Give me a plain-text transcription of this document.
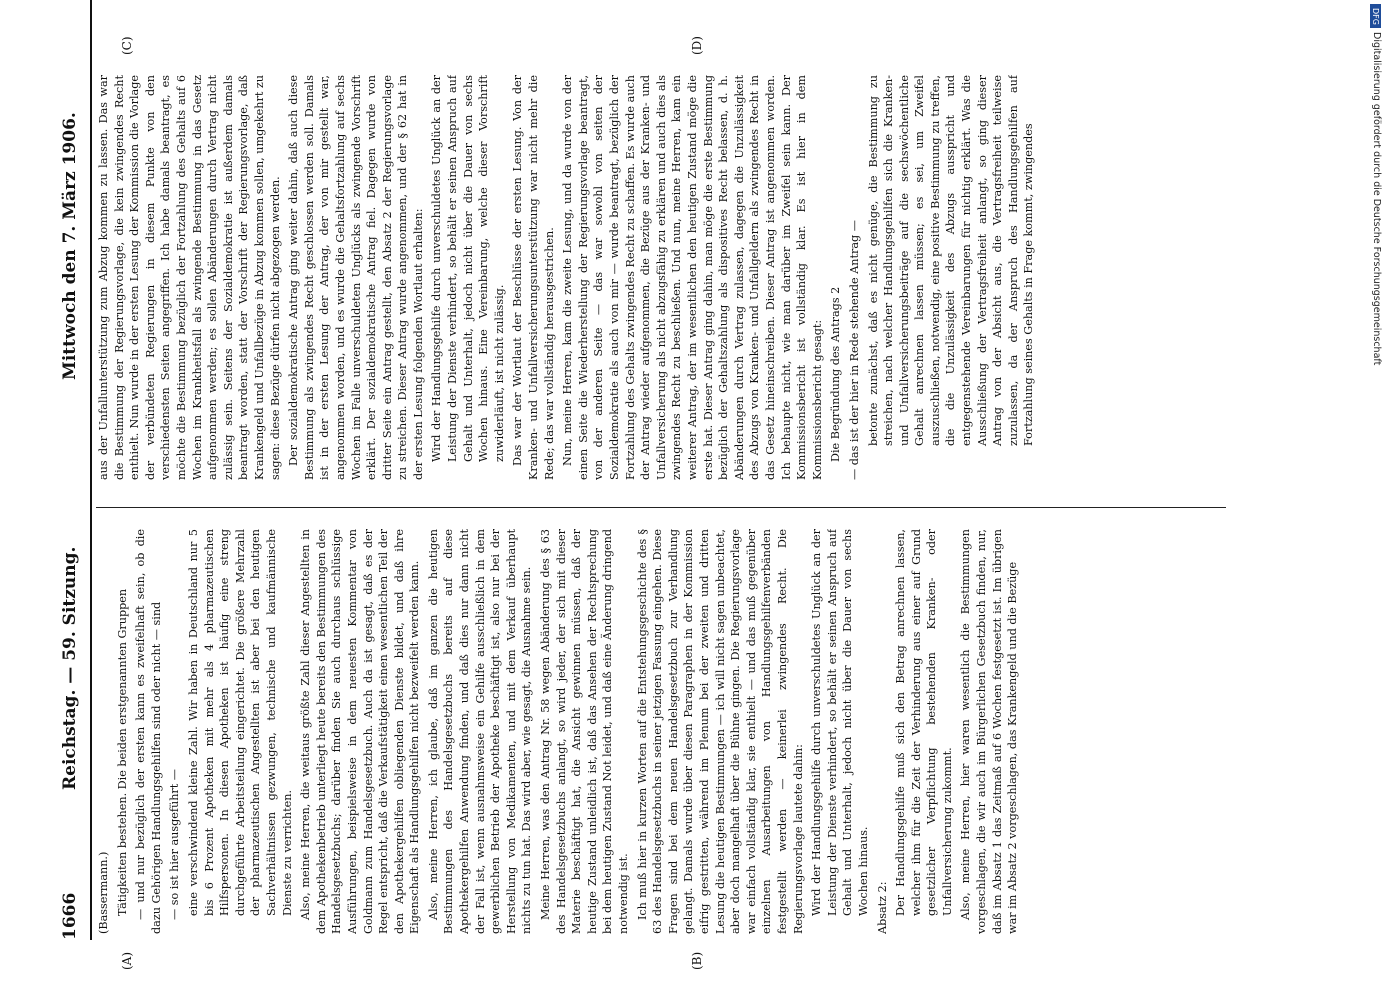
1666
Reichstag. — 59. Sitzung.
Mittwoch den 7. März 1906.
(A)	(B)
(C)	(D)

(Bassermann.) Tätigkeiten bestehen. Die beiden erstgenannten Gruppen — und nur bezüglich der ersten kann es zweifelhaft sein, ob die dazu Gehörigen Handlungsgehilfen sind oder nicht — sind — so ist hier ausgeführt — eine verschwindend kleine Zahl. Wir haben in Deutschland nur 5 bis 6 Prozent Apotheken mit mehr als 4 pharmazeutischen Hilfspersonen. In diesen Apotheken ist häufig eine streng durchgeführte Arbeitsteilung eingerichtet. Die größere Mehrzahl der pharmazeutischen Angestellten ist aber bei den heutigen Sachverhältnissen gezwungen, technische und kaufmännische Dienste zu verrichten. Also, meine Herren, die weitaus größte Zahl dieser Angestellten in dem Apothekenbetrieb unterliegt heute bereits den Bestimmungen des Handelsgesetzbuchs; darüber finden Sie auch durchaus schlüssige Ausführungen, beispielsweise in dem neuesten Kommentar von Goldmann zum Handelsgesetzbuch. Auch da ist gesagt, daß es der Regel entspricht, daß die Verkaufstätigkeit einen wesentlichen Teil der den Apothekergehilfen obliegenden Dienste bildet, und daß ihre Eigenschaft als Handlungsgehilfen nicht bezweifelt werden kann. Also, meine Herren, ich glaube, daß im ganzen die heutigen Bestimmungen des Handelsgesetzbuchs bereits auf diese Apothekergehilfen Anwendung finden, und daß dies nur dann nicht der Fall ist, wenn ausnahmsweise ein Gehilfe ausschließlich in dem gewerblichen Betrieb der Apotheke beschäftigt ist, also nur bei der Herstellung von Medikamenten, und mit dem Verkauf überhaupt nichts zu tun hat. Das wird aber, wie gesagt, die Ausnahme sein. Meine Herren, was den Antrag Nr. 58 wegen Abänderung des § 63 des Handelsgesetzbuchs anlangt, so wird jeder, der sich mit dieser Materie beschäftigt hat, die Ansicht gewinnen müssen, daß der heutige Zustand unleidlich ist, daß das Ansehen der Rechtsprechung bei dem heutigen Zustand Not leidet, und daß eine Änderung dringend notwendig ist. Ich muß hier in kurzen Worten auf die Entstehungsgeschichte des § 63 des Handelsgesetzbuchs in seiner jetzigen Fassung eingehen. Diese Fragen sind bei dem neuen Handelsgesetzbuch zur Verhandlung gelangt. Damals wurde über diesen Paragraphen in der Kommission eifrig gestritten, während im Plenum bei der zweiten und dritten Lesung die heutigen Bestimmungen — ich will nicht sagen unbeachtet, aber doch mangelhaft über die Bühne gingen. Die Regierungsvorlage war einfach vollständig klar, sie enthielt — und das muß gegenüber einzelnen Ausarbeitungen von Handlungsgehilfenverbänden festgestellt werden — keinerlei zwingendes Recht. Die Regierungsvorlage lautete dahin: Wird der Handlungsgehilfe durch unverschuldetes Unglück an der Leistung der Dienste verhindert, so behält er seinen Anspruch auf Gehalt und Unterhalt, jedoch nicht über die Dauer von sechs Wochen hinaus. Absatz 2: Der Handlungsgehilfe muß sich den Betrag anrechnen lassen, welcher ihm für die Zeit der Verhinderung aus einer auf Grund gesetzlicher Verpflichtung bestehenden Kranken- oder Unfallversicherung zukommt. Also, meine Herren, hier waren wesentlich die Bestimmungen vorgeschlagen, die wir auch im Bürgerlichen Gesetzbuch finden, nur, daß im Absatz 1 das Zeitmaß auf 6 Wochen festgesetzt ist. Im übrigen war im Absatz 2 vorgeschlagen, das Krankengeld und die Bezüge

aus der Unfallunterstützung zum Abzug kommen zu lassen. Das war die Bestimmung der Regierungsvorlage, die kein zwingendes Recht enthielt. Nun wurde in der ersten Lesung der Kommission die Vorlage der verbündeten Regierungen in diesem Punkte von den verschiedensten Seiten angegriffen. Ich habe damals beantragt, es möchte die Bestimmung bezüglich der Fortzahlung des Gehalts auf 6 Wochen im Krankheitsfall als zwingende Bestimmung in das Gesetz aufgenommen werden; es sollen Abänderungen durch Vertrag nicht zulässig sein. Seitens der Sozialdemokratie ist außerdem damals beantragt worden, statt der Vorschrift der Regierungsvorlage, daß Krankengeld und Unfallbezüge in Abzug kommen sollen, umgekehrt zu sagen: diese Bezüge dürfen nicht abgezogen werden. Der sozialdemokratische Antrag ging weiter dahin, daß auch diese Bestimmung als zwingendes Recht geschlossen werden soll. Damals ist in der ersten Lesung der Antrag, der von mir gestellt war, angenommen worden, und es wurde die Gehaltsfortzahlung auf sechs Wochen im Falle unverschuldeten Unglücks als zwingende Vorschrift erklärt. Der sozialdemokratische Antrag fiel. Dagegen wurde von dritter Seite ein Antrag gestellt, den Absatz 2 der Regierungsvorlage zu streichen. Dieser Antrag wurde angenommen, und der § 62 hat in der ersten Lesung folgenden Wortlaut erhalten: Wird der Handlungsgehilfe durch unverschuldetes Unglück an der Leistung der Dienste verhindert, so behält er seinen Anspruch auf Gehalt und Unterhalt, jedoch nicht über die Dauer von sechs Wochen hinaus. Eine Vereinbarung, welche dieser Vorschrift zuwiderläuft, ist nicht zulässig. Das war der Wortlaut der Beschlüsse der ersten Lesung. Von der Kranken- und Unfallversicherungsunterstützung war nicht mehr die Rede; das war vollständig herausgestrichen. Nun, meine Herren, kam die zweite Lesung, und da wurde von der einen Seite die Wiederherstellung der Regierungsvorlage beantragt, von der anderen Seite — das war sowohl von seiten der Sozialdemokratie als auch von mir — wurde beantragt, bezüglich der Fortzahlung des Gehalts zwingendes Recht zu schaffen. Es wurde auch der Antrag wieder aufgenommen, die Bezüge aus der Kranken- und Unfallversicherung als nicht abzugsfähig zu erklären und auch dies als zwingendes Recht zu beschließen. Und nun, meine Herren, kam ein weiterer Antrag, der im wesentlichen den heutigen Zustand möge die erste hat. Dieser Antrag ging dahin, man möge die erste Bestimmung bezüglich der Gehaltszahlung als dispositives Recht belassen, d. h. Abänderungen durch Vertrag zulassen, dagegen die Unzulässigkeit des Abzugs von Kranken- und Unfallgeldern als zwingendes Recht in das Gesetz hineinschreiben. Dieser Antrag ist angenommen worden. Ich behaupte nicht, wie man darüber im Zweifel sein kann. Der Kommissionsbericht ist vollständig klar. Es ist hier in dem Kommissionsbericht gesagt: Die Begründung des Antrags 2 — das ist der hier in Rede stehende Antrag — betonte zunächst, daß es nicht genüge, die Bestimmung zu streichen, nach welcher Handlungsgehilfen sich die Kranken- und Unfallversicherungsbeiträge auf die sechswöchentliche Gehalt anrechnen lassen müssen; es sei, um Zweifel auszuschließen, notwendig, eine positive Bestimmung zu treffen, die die Unzulässigkeit des Abzugs ausspricht und entgegenstehende Vereinbarungen für nichtig erklärt. Was die Ausschließung der Vertragsfreiheit anlangt, so ging dieser Antrag von der Absicht aus, die Vertragsfreiheit teilweise zuzulassen, da der Anspruch des Handlungsgehilfen auf Fortzahlung seines Gehalts in Frage kommt, zwingendes

DFG
Digitalisierung gefördert durch die Deutsche Forschungsgemeinschaft
